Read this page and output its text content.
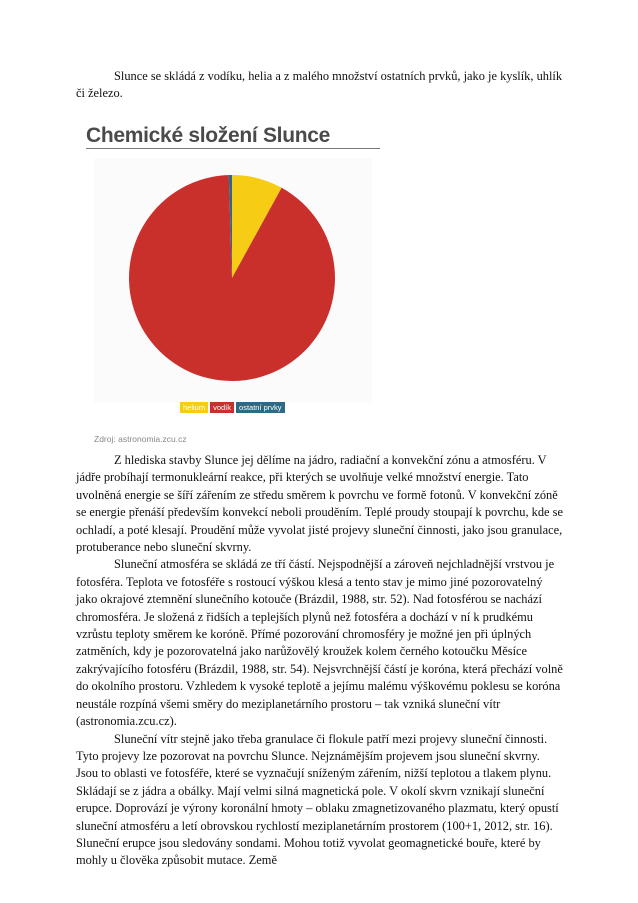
Slunce se skládá z vodíku, helia a z malého množství ostatních prvků, jako je kyslík, uhlík či železo.

Chemické složení Slunce
helium	vodík	ostatní prvky
Zdroj: astronomia.zcu.cz

Z hlediska stavby Slunce jej dělíme na jádro, radiační a konvekční zónu a atmosféru. V jádře probíhají termonukleární reakce, při kterých se uvolňuje velké množství energie. Tato uvolněná energie se šíří zářením ze středu směrem k povrchu ve formě fotonů. V konvekční zóně se energie přenáší především konvekcí neboli prouděním. Teplé proudy stoupají k povrchu, kde se ochladí, a poté klesají. Proudění může vyvolat jisté projevy sluneční činnosti, jako jsou granulace, protuberance nebo sluneční skvrny.

Sluneční atmosféra se skládá ze tří částí. Nejspodnější a zároveň nejchladnější vrstvou je fotosféra. Teplota ve fotosféře s rostoucí výškou klesá a tento stav je mimo jiné pozorovatelný jako okrajové ztemnění slunečního kotouče (Brázdil, 1988, str. 52). Nad fotosférou se nachází chromosféra. Je složená z řidších a teplejších plynů než fotosféra a dochází v ní k prudkému vzrůstu teploty směrem ke koróně. Přímé pozorování chromosféry je možné jen při úplných zatměních, kdy je pozorovatelná jako narůžovělý kroužek kolem černého kotoučku Měsíce zakrývajícího fotosféru (Brázdil, 1988, str. 54). Nejsvrchnější částí je koróna, která přechází volně do okolního prostoru. Vzhledem k vysoké teplotě a jejímu malému výškovému poklesu se koróna neustále rozpíná všemi směry do meziplanetárního prostoru – tak vzniká sluneční vítr (astronomia.zcu.cz).

Sluneční vítr stejně jako třeba granulace či flokule patří mezi projevy sluneční činnosti. Tyto projevy lze pozorovat na povrchu Slunce. Nejznámějším projevem jsou sluneční skvrny. Jsou to oblasti ve fotosféře, které se vyznačují sníženým zářením, nižší teplotou a tlakem plynu. Skládají se z jádra a obálky. Mají velmi silná magnetická pole. V okolí skvrn vznikají sluneční erupce. Doprovází je výrony koronální hmoty – oblaku zmagnetizovaného plazmatu, který opustí sluneční atmosféru a letí obrovskou rychlostí meziplanetárním prostorem (100+1, 2012, str. 16). Sluneční erupce jsou sledovány sondami. Mohou totiž vyvolat geomagnetické bouře, které by mohly u člověka způsobit mutace. Země
